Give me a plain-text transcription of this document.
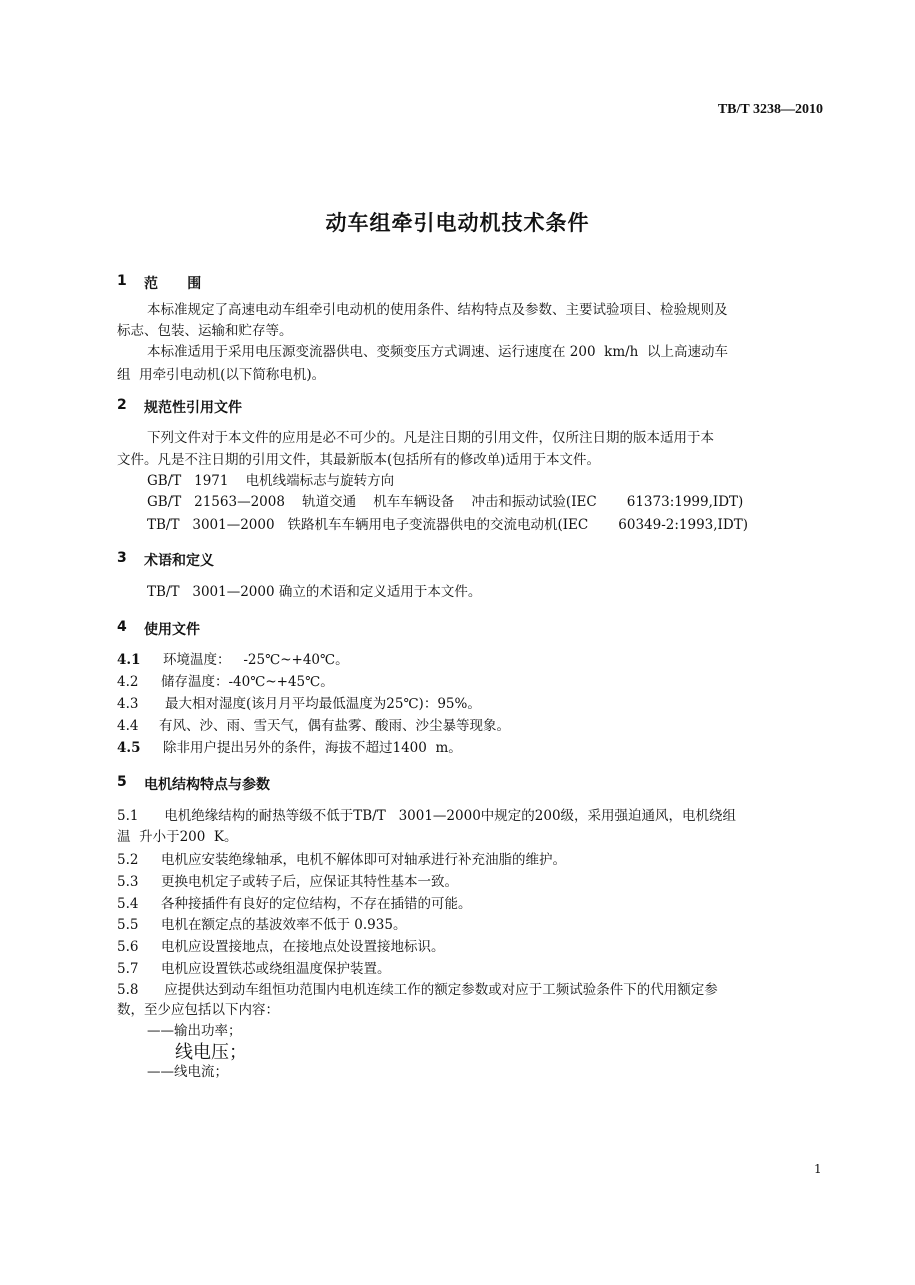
TB/T 3238—2010
动车组牵引电动机技术条件
1 范      围
本标准规定了高速电动车组牵引电动机的使用条件、结构特点及参数、主要试验项目、检验规则及
标志、包装、运输和贮存等。
本标准适用于采用电压源变流器供电、变频变压方式调速、运行速度在 200  km/h  以上高速动车
组  用牵引电动机(以下简称电机)。
2 规范性引用文件
下列文件对于本文件的应用是必不可少的。凡是注日期的引用文件，仅所注日期的版本适用于本
文件。凡是不注日期的引用文件，其最新版本(包括所有的修改单)适用于本文件。
GB/T   1971    电机线端标志与旋转方向
GB/T   21563—2008    轨道交通    机车车辆设备    冲击和振动试验(IEC       61373:1999,IDT)
TB/T   3001—2000   铁路机车车辆用电子变流器供电的交流电动机(IEC       60349-2:1993,IDT)
3 术语和定义
TB/T   3001—2000 确立的术语和定义适用于本文件。
4 使用文件
4.1 环境温度：   -25℃~+40℃。
4.2 储存温度：-40℃~+45℃。
4.3 最大相对湿度(该月月平均最低温度为25℃)：95%。
4.4 有风、沙、雨、雪天气，偶有盐雾、酸雨、沙尘暴等现象。
4.5 除非用户提出另外的条件，海拔不超过1400  m。
5 电机结构特点与参数
5.1      电机绝缘结构的耐热等级不低于TB/T   3001—2000中规定的200级，采用强迫通风，电机绕组
温  升小于200  K。
5.2 电机应安装绝缘轴承，电机不解体即可对轴承进行补充油脂的维护。
5.3 更换电机定子或转子后，应保证其特性基本一致。
5.4 各种接插件有良好的定位结构，不存在插错的可能。
5.5 电机在额定点的基波效率不低于 0.935。
5.6 电机应设置接地点，在接地点处设置接地标识。
5.7 电机应设置铁芯或绕组温度保护装置。
5.8      应提供达到动车组恒功范围内电机连续工作的额定参数或对应于工频试验条件下的代用额定参
数，至少应包括以下内容：
——输出功率；
线电压；
——线电流；
1
